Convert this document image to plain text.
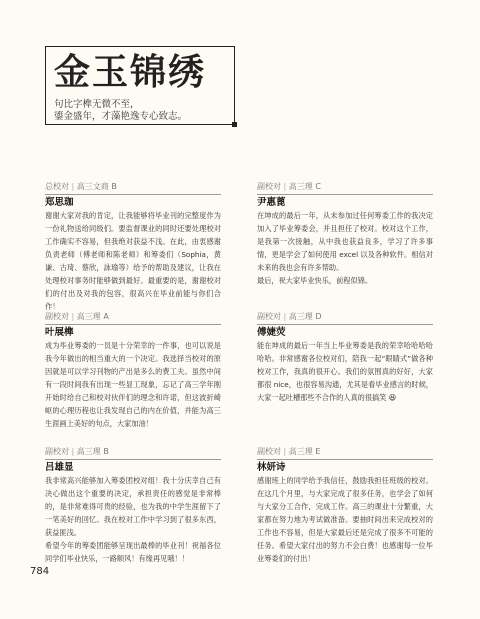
金玉锦绣
句比字榫无微不至，
鎏金盛年，才藻艳逸专心致志。
总校对 | 高三文商 B
郑思珈

谢谢大家对我的肯定，让我能够将毕业刊的完整度作为一份礼物送给同级们。要监督课业的同时还要处理校对工作确实不容易，但我绝对获益不浅。在此，由衷感谢负责老师（傅老师和陈老师）和筹委们（Sophia，黄谦、古琦、蔡欣，詠瑜等）给予的帮助及建议，让我在处理校对事务时能够做到最好。最重要的是，谢谢校对们的付出及对我的包容，很高兴在毕业前能与你们合作！

副校对 | 高三理 C
尹惠蓖

在坤成的最后一年，从未参加过任何筹委工作的我决定加入了毕业筹委会，并且担任了校对。校对这个工作，是我第一次接触，从中我也获益良多，学习了许多事情，更是学会了如何使用 excel 以及各种软件。相信对未来的我也会有许多帮助。

最后，祝大家毕业快乐，前程似锦。

副校对 | 高三理 A
叶展榫

成为毕业筹委的一员是十分荣幸的一件事，也可以说是我今年做出的相当重大的一个决定。我选择当校对的原因就是可以学习刊物的产出是多么的费工夫。虽然中间有一段时间我有出现一些显工现象，忘记了高三学年刚开始时给自己和校对伙伴们的理念和许诺，但这波折崎岖的心理历程也让我发现自己的内在价值，并能为高三生涯画上美好的句点，大家加油！

副校对 | 高三理 D
傅婕荧

能在坤成的最后一年当上毕业筹委是我的荣幸哈哈哈哈哈哈。非常感谢各位校对们，陪我一起“眼睛式”做各种校对工作，我真的很开心。我们的氛围真的好好，大家都很 nice，也很容易沟通，尤其是看毕业感言的时候，大家一起吐槽那些不合作的人真的很搞笑 😆

副校对 | 高三理 B
吕雄显

我非常高兴能够加入筹委团校对组！我十分庆幸自己有决心做出这个重要的决定，承担责任的感觉是非常棒的，是非常难得可贵的经验，也为我的中学生涯留下了一笔美好的回忆。我在校对工作中学习到了很多东西，获益匪浅。

希望今年的筹委团能够呈现出最棒的毕业刊！祝福各位同学们毕业快乐，一路顺风！有缘再见哦！！

副校对 | 高三理 E
林妍诗

感谢班上的同学给予我信任，鼓励我担任班级的校对。在这几个月里，与大家完成了很多任务，也学会了如何与大家分工合作，完成工作。高三的课业十分繁重，大家都在努力地为考试做准备。要抽时间出来完成校对的工作也不容易，但是大家最后还是完成了很多不可能的任务。希望大家付出的努力不会白费！也感谢每一位毕业筹委们的付出！

784
